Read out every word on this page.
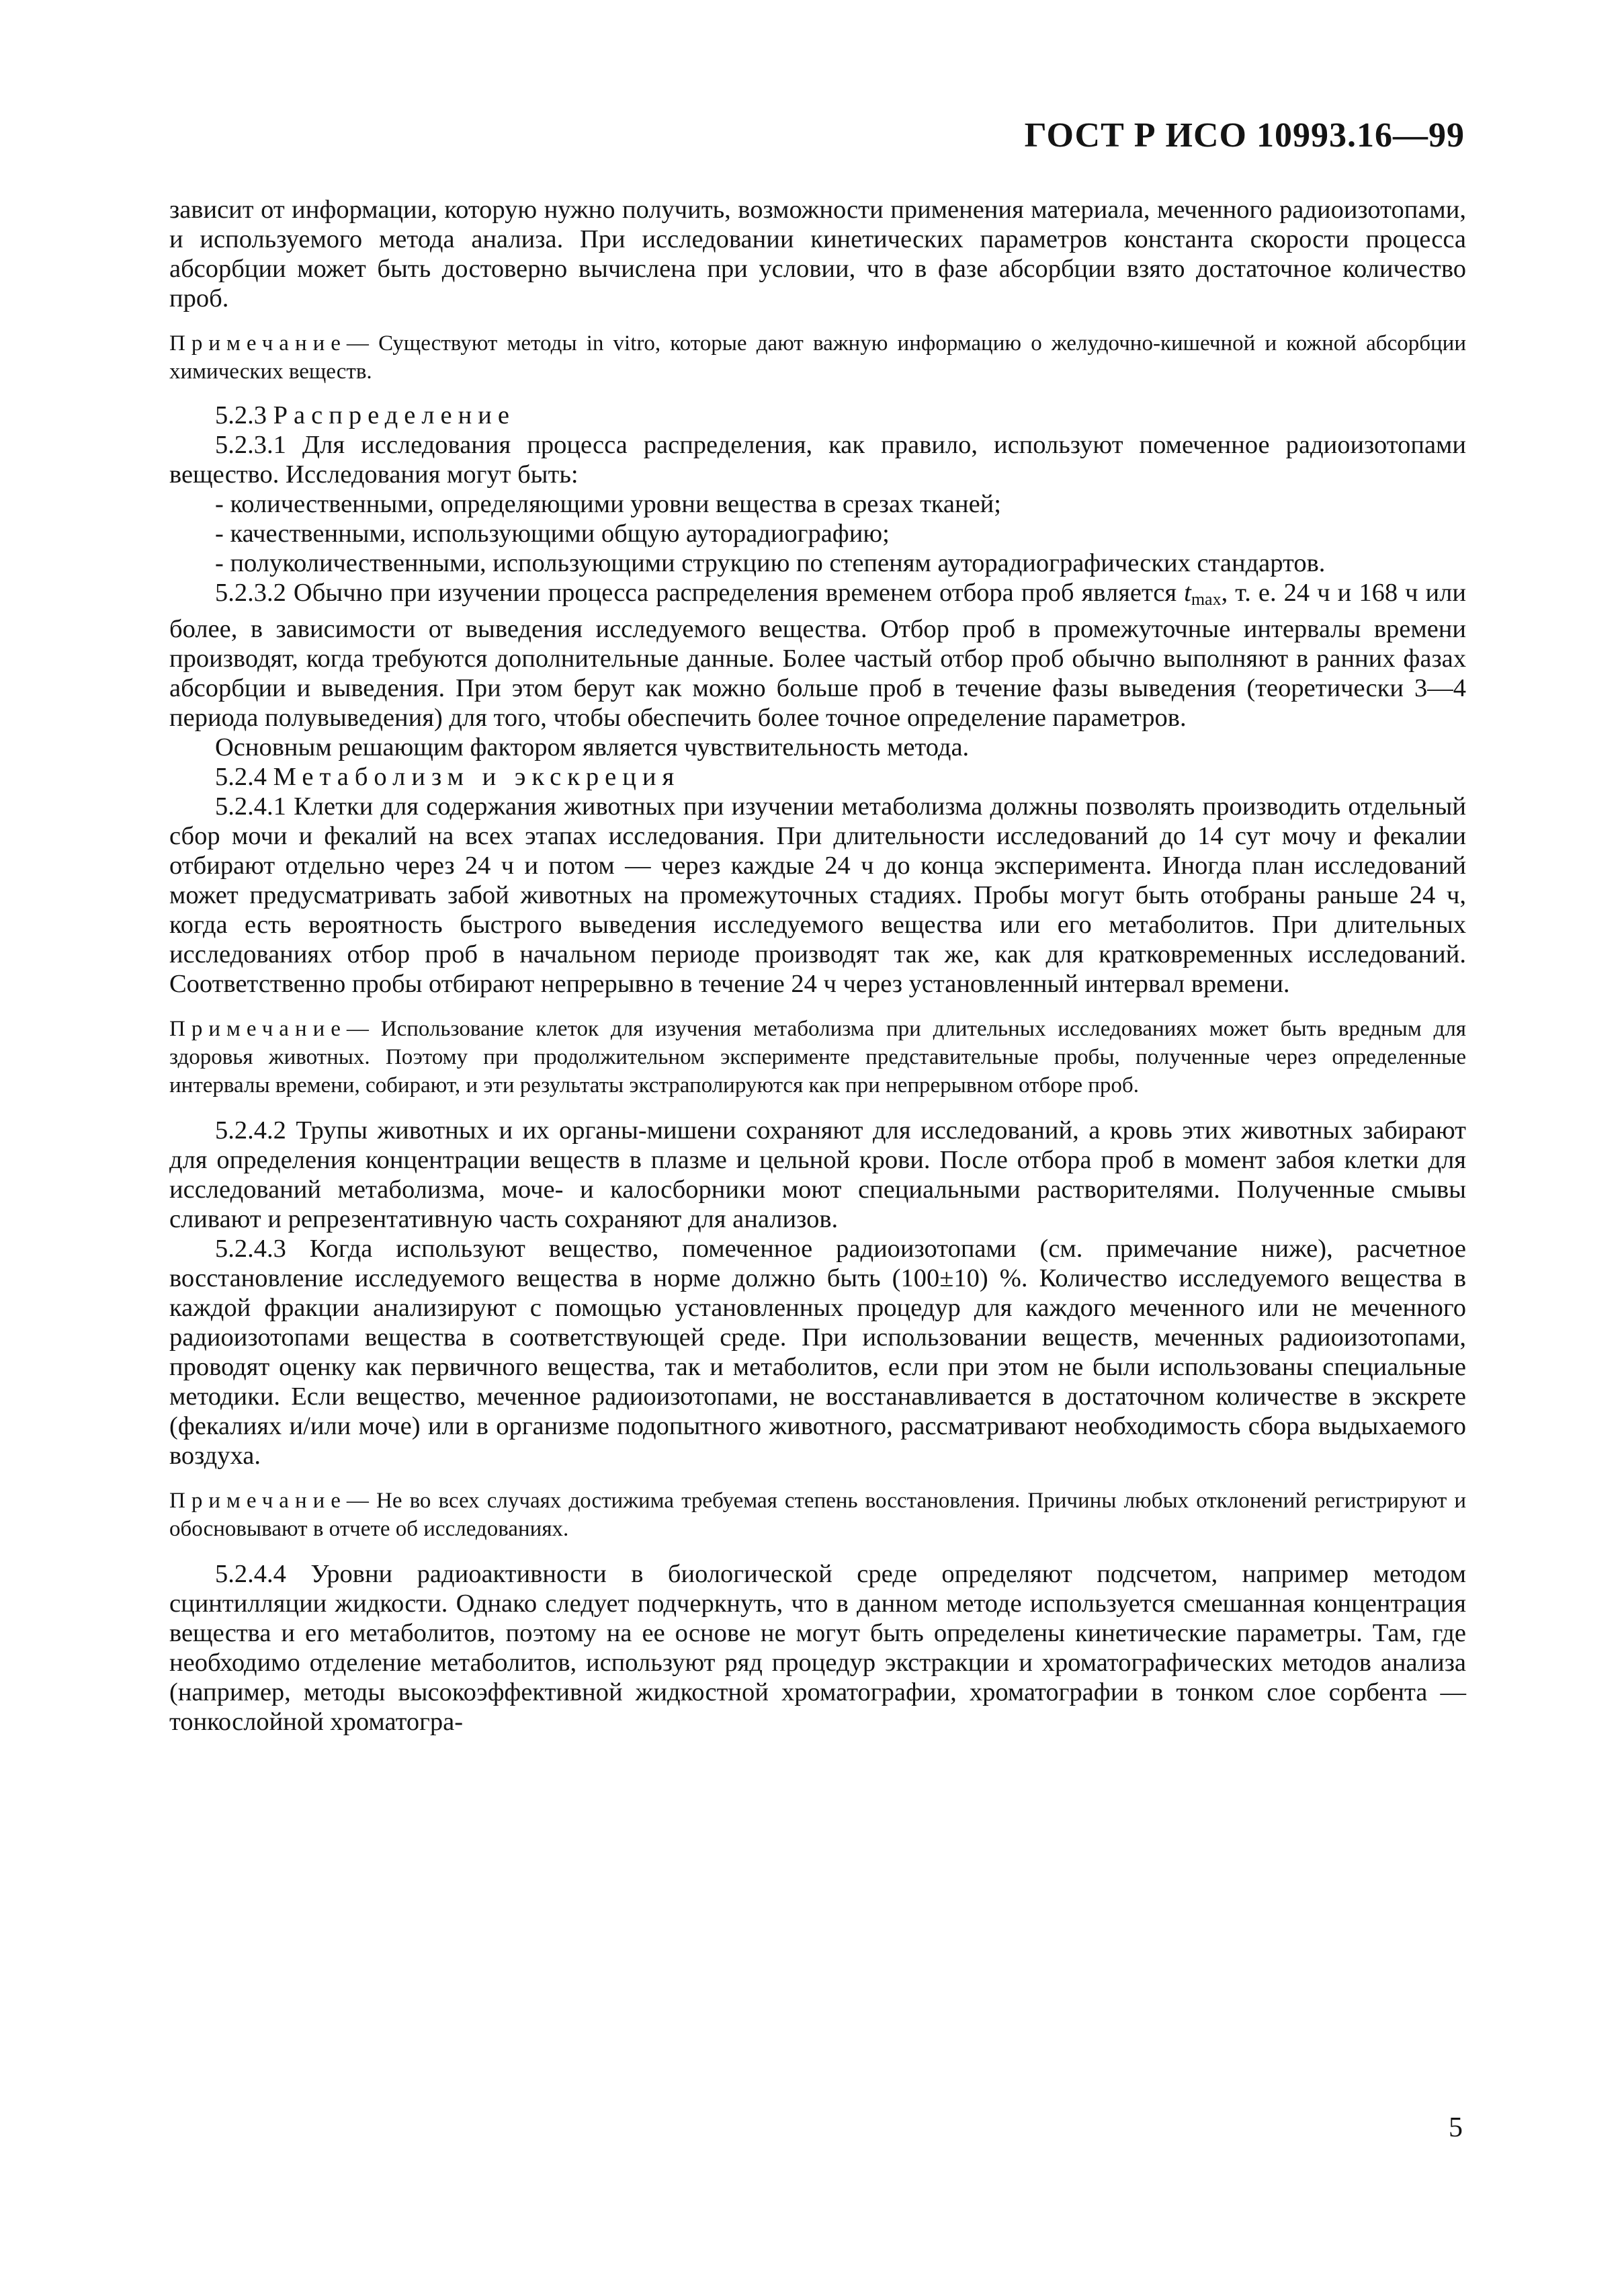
ГОСТ Р ИСО 10993.16—99

зависит от информации, которую нужно получить, возможности применения материала, меченного радиоизотопами, и используемого метода анализа. При исследовании кинетических параметров константа скорости процесса абсорбции может быть достоверно вычислена при условии, что в фазе абсорбции взято достаточное количество проб.

Примечание— Существуют методы in vitro, которые дают важную информацию о желудочно-кишечной и кожной абсорбции химических веществ.

5.2.3 Распределение

5.2.3.1 Для исследования процесса распределения, как правило, используют помеченное радиоизотопами вещество. Исследования могут быть:

- количественными, определяющими уровни вещества в срезах тканей;

- качественными, использующими общую ауторадиографию;

- полуколичественными, использующими струкцию по степеням ауторадиографических стандартов.

5.2.3.2 Обычно при изучении процесса распределения временем отбора проб является $t_{max}$, т. е. 24 ч и 168 ч или более, в зависимости от выведения исследуемого вещества. Отбор проб в промежуточные интервалы времени производят, когда требуются дополнительные данные. Более частый отбор проб обычно выполняют в ранних фазах абсорбции и выведения. При этом берут как можно больше проб в течение фазы выведения (теоретически 3—4 периода полувыведения) для того, чтобы обеспечить более точное определение параметров.

Основным решающим фактором является чувствительность метода.

5.2.4 Метаболизм и экскреция

5.2.4.1 Клетки для содержания животных при изучении метаболизма должны позволять производить отдельный сбор мочи и фекалий на всех этапах исследования. При длительности исследований до 14 сут мочу и фекалии отбирают отдельно через 24 ч и потом — через каждые 24 ч до конца эксперимента. Иногда план исследований может предусматривать забой животных на промежуточных стадиях. Пробы могут быть отобраны раньше 24 ч, когда есть вероятность быстрого выведения исследуемого вещества или его метаболитов. При длительных исследованиях отбор проб в начальном периоде производят так же, как для кратковременных исследований. Соответственно пробы отбирают непрерывно в течение 24 ч через установленный интервал времени.

Примечание— Использование клеток для изучения метаболизма при длительных исследованиях может быть вредным для здоровья животных. Поэтому при продолжительном эксперименте представительные пробы, полученные через определенные интервалы времени, собирают, и эти результаты экстраполируются как при непрерывном отборе проб.

5.2.4.2 Трупы животных и их органы-мишени сохраняют для исследований, а кровь этих животных забирают для определения концентрации веществ в плазме и цельной крови. После отбора проб в момент забоя клетки для исследований метаболизма, моче- и калосборники моют специальными растворителями. Полученные смывы сливают и репрезентативную часть сохраняют для анализов.

5.2.4.3 Когда используют вещество, помеченное радиоизотопами (см. примечание ниже), расчетное восстановление исследуемого вещества в норме должно быть (100±10) %. Количество исследуемого вещества в каждой фракции анализируют с помощью установленных процедур для каждого меченного или не меченного радиоизотопами вещества в соответствующей среде. При использовании веществ, меченных радиоизотопами, проводят оценку как первичного вещества, так и метаболитов, если при этом не были использованы специальные методики. Если вещество, меченное радиоизотопами, не восстанавливается в достаточном количестве в экскрете (фекалиях и/или моче) или в организме подопытного животного, рассматривают необходимость сбора выдыхаемого воздуха.

Примечание— Не во всех случаях достижима требуемая степень восстановления. Причины любых отклонений регистрируют и обосновывают в отчете об исследованиях.

5.2.4.4 Уровни радиоактивности в биологической среде определяют подсчетом, например методом сцинтилляции жидкости. Однако следует подчеркнуть, что в данном методе используется смешанная концентрация вещества и его метаболитов, поэтому на ее основе не могут быть определены кинетические параметры. Там, где необходимо отделение метаболитов, используют ряд процедур экстракции и хроматографических методов анализа (например, методы высокоэффективной жидкостной хроматографии, хроматографии в тонком слое сорбента — тонкослойной хроматогра-

5
